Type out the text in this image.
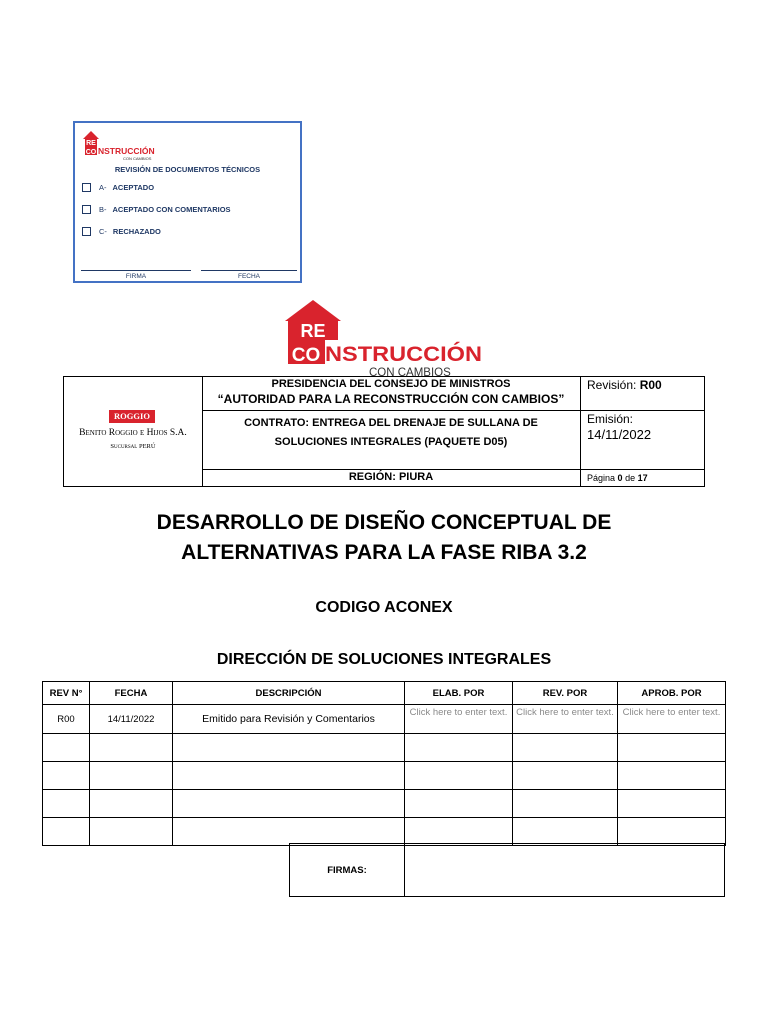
RE
CO NSTRUCCIÓN
CON CAMBIOS
REVISIÓN DE DOCUMENTOS TÉCNICOS
A- ACEPTADO
B- ACEPTADO CON COMENTARIOS
C- RECHAZADO
FIRMA	FECHA
RE
CO NSTRUCCIÓN
CON CAMBIOS
ROGGIO
Benito Roggio e Hijos S.A.
Sucursal PERÚ
PRESIDENCIA DEL CONSEJO DE MINISTROS
“AUTORIDAD PARA LA RECONSTRUCCIÓN CON CAMBIOS”
CONTRATO: ENTREGA DEL DRENAJE DE SULLANA DE
SOLUCIONES INTEGRALES (PAQUETE D05)
REGIÓN: PIURA
Revisión: R00
Emisión:
14/11/2022
Página 0 de 17
DESARROLLO DE DISEÑO CONCEPTUAL DE
ALTERNATIVAS PARA LA FASE RIBA 3.2
CODIGO ACONEX
DIRECCIÓN DE SOLUCIONES INTEGRALES
REV N°	FECHA	DESCRIPCIÓN	ELAB. POR	REV. POR	APROB. POR
R00	14/11/2022	Emitido para Revisión y Comentarios	Click here to enter text.	Click here to enter text.	Click here to enter text.

FIRMAS:
